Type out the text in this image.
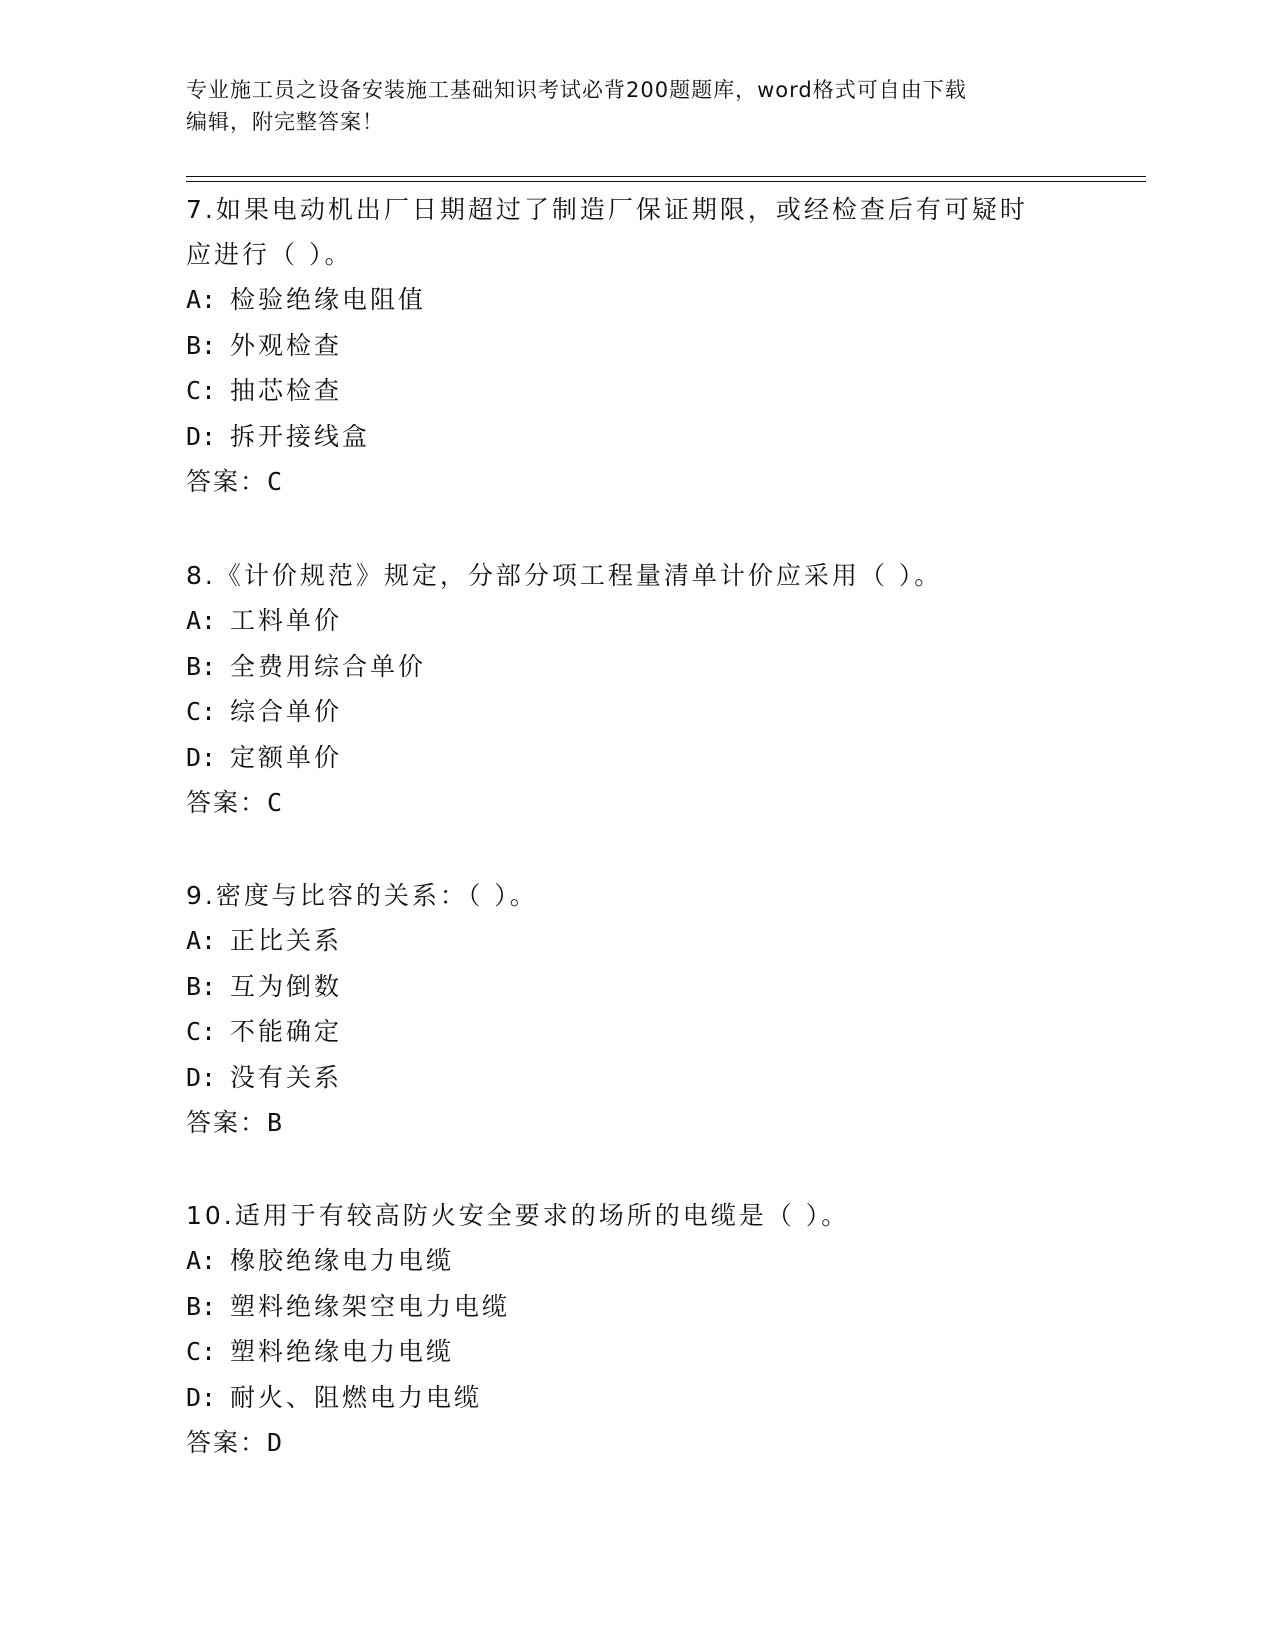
专业施工员之设备安装施工基础知识考试必背200题题库，word格式可自由下载
编辑，附完整答案！
7.如果电动机出厂日期超过了制造厂保证期限，或经检查后有可疑时
应进行（ ）。
A: 检验绝缘电阻值
B: 外观检查
C: 抽芯检查
D: 拆开接线盒
答案：C
8.《计价规范》规定，分部分项工程量清单计价应采用（ ）。
A: 工料单价
B: 全费用综合单价
C: 综合单价
D: 定额单价
答案：C
9.密度与比容的关系：（ ）。
A: 正比关系
B: 互为倒数
C: 不能确定
D: 没有关系
答案：B
10.适用于有较高防火安全要求的场所的电缆是（ ）。
A: 橡胶绝缘电力电缆
B: 塑料绝缘架空电力电缆
C: 塑料绝缘电力电缆
D: 耐火、阻燃电力电缆
答案：D
